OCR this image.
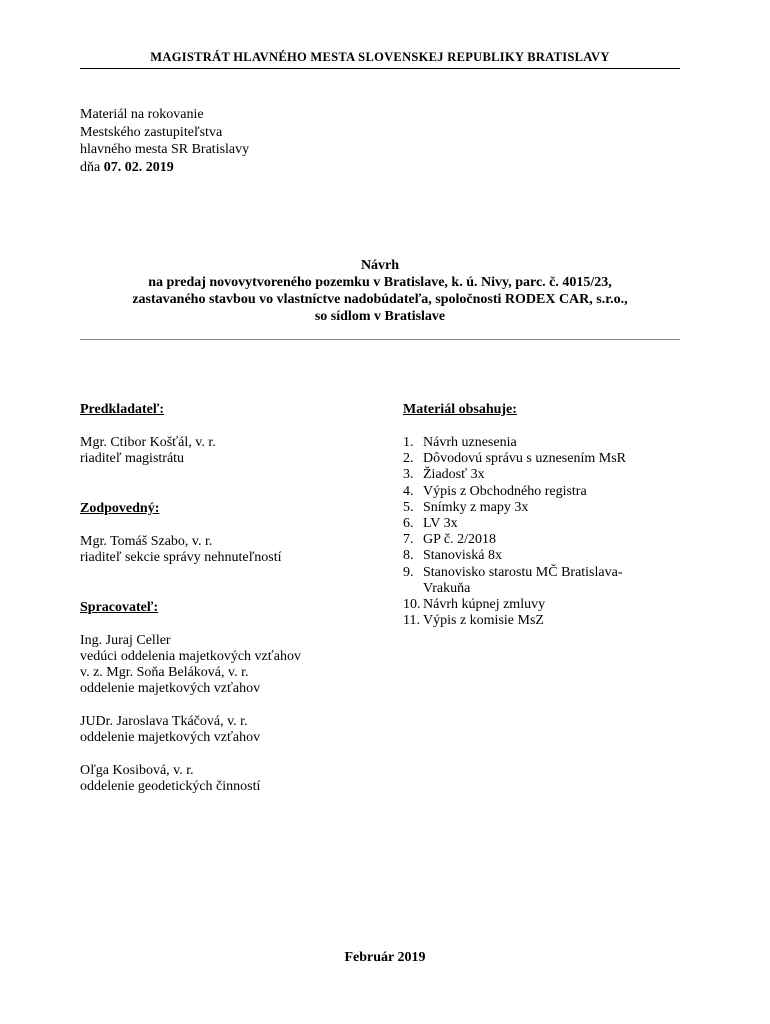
MAGISTRÁT HLAVNÉHO MESTA SLOVENSKEJ REPUBLIKY BRATISLAVY
Materiál na rokovanie
Mestského zastupiteľstva
hlavného mesta SR Bratislavy
dňa 07. 02. 2019
Návrh
na predaj novovytvoreného pozemku v Bratislave, k. ú. Nivy, parc. č. 4015/23,
zastavaného stavbou vo vlastníctve nadobúdateľa, spoločnosti RODEX CAR, s.r.o.,
so sídlom v Bratislave
Predkladateľ:
Mgr. Ctibor Košťál, v. r.
riaditeľ magistrátu
Zodpovedný:
Mgr. Tomáš Szabo, v. r.
riaditeľ sekcie správy nehnuteľností
Spracovateľ:
Ing. Juraj Celler
vedúci oddelenia majetkových vzťahov
v. z. Mgr. Soňa Beláková, v. r.
oddelenie majetkových vzťahov
JUDr. Jaroslava Tkáčová, v. r.
oddelenie majetkových vzťahov
Oľga Kosibová, v. r.
oddelenie geodetických činností
Materiál obsahuje:
1. Návrh uznesenia
2. Dôvodovú správu s uznesením MsR
3. Žiadosť 3x
4. Výpis z Obchodného registra
5. Snímky z mapy 3x
6. LV 3x
7. GP č. 2/2018
8. Stanoviská 8x
9. Stanovisko starostu MČ Bratislava-Vrakuňa
10. Návrh kúpnej zmluvy
11. Výpis z komisie MsZ
Február 2019
